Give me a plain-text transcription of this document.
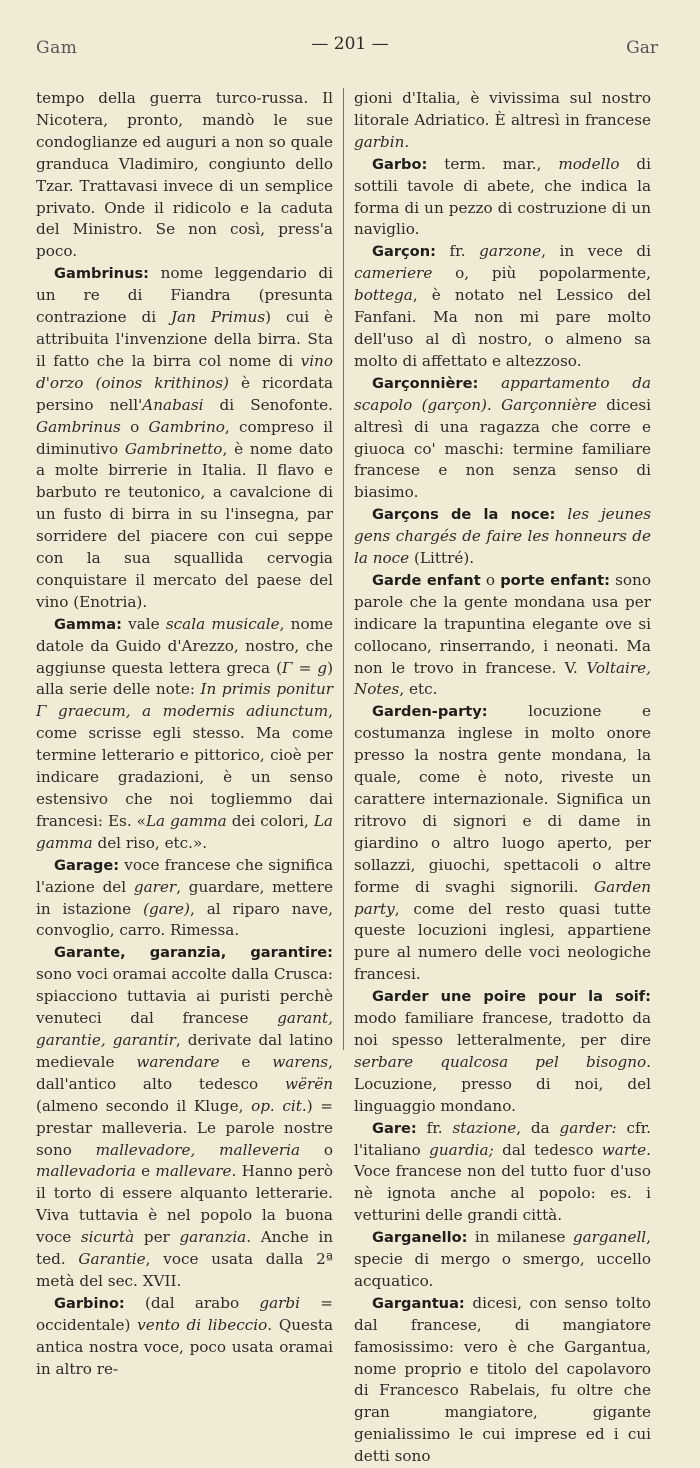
Gam	— 201 —	Gar

tempo della guerra turco-russa. Il Nicotera, pronto, mandò le sue condoglianze ed auguri a non so quale granduca Vladimiro, congiunto dello Tzar. Trattavasi invece di un semplice privato. Onde il ridicolo e la caduta del Ministro. Se non così, press'a poco.

Gambrinus: nome leggendario di un re di Fiandra (presunta contrazione di Jan Primus) cui è attribuita l'invenzione della birra. Sta il fatto che la birra col nome di vino d'orzo (oinos krithinos) è ricordata persino nell'Anabasi di Senofonte. Gambrinus o Gambrino, compreso il diminutivo Gambrinetto, è nome dato a molte birrerie in Italia. Il flavo e barbuto re teutonico, a cavalcione di un fusto di birra in su l'insegna, par sorridere del piacere con cui seppe con la sua squallida cervogia conquistare il mercato del paese del vino (Enotria).

Gamma: vale scala musicale, nome datole da Guido d'Arezzo, nostro, che aggiunse questa lettera greca (Γ = g) alla serie delle note: In primis ponitur Γ graecum, a modernis adiunctum, come scrisse egli stesso. Ma come termine letterario e pittorico, cioè per indicare gradazioni, è un senso estensivo che noi togliemmo dai francesi: Es. «La gamma dei colori, La gamma del riso, etc.».

Garage: voce francese che significa l'azione del garer, guardare, mettere in istazione (gare), al riparo nave, convoglio, carro. Rimessa.

Garante, garanzia, garantire: sono voci oramai accolte dalla Crusca: spiacciono tuttavia ai puristi perchè venuteci dal francese garant, garantie, garantir, derivate dal latino medievale warendare e warens, dall'antico alto tedesco wërën (almeno secondo il Kluge, op. cit.) = prestar malleveria. Le parole nostre sono mallevadore, malleveria o mallevadoria e mallevare. Hanno però il torto di essere alquanto letterarie. Viva tuttavia è nel popolo la buona voce sicurtà per garanzia. Anche in ted. Garantie, voce usata dalla 2ª metà del sec. XVII.

Garbino: (dal arabo garbi = occidentale) vento di libeccio. Questa antica nostra voce, poco usata oramai in altro re-

gioni d'Italia, è vivissima sul nostro litorale Adriatico. È altresì in francese garbin.

Garbo: term. mar., modello di sottili tavole di abete, che indica la forma di un pezzo di costruzione di un naviglio.

Garçon: fr. garzone, in vece di cameriere o, più popolarmente, bottega, è notato nel Lessico del Fanfani. Ma non mi pare molto dell'uso al dì nostro, o almeno sa molto di affettato e altezzoso.

Garçonnière: appartamento da scapolo (garçon). Garçonnière dicesi altresì di una ragazza che corre e giuoca co' maschi: termine familiare francese e non senza senso di biasimo.

Garçons de la noce: les jeunes gens chargés de faire les honneurs de la noce (Littré).

Garde enfant o porte enfant: sono parole che la gente mondana usa per indicare la trapuntina elegante ove si collocano, rinserrando, i neonati. Ma non le trovo in francese. V. Voltaire, Notes, etc.

Garden-party: locuzione e costumanza inglese in molto onore presso la nostra gente mondana, la quale, come è noto, riveste un carattere internazionale. Significa un ritrovo di signori e di dame in giardino o altro luogo aperto, per sollazzi, giuochi, spettacoli o altre forme di svaghi signorili. Garden party, come del resto quasi tutte queste locuzioni inglesi, appartiene pure al numero delle voci neologiche francesi.

Garder une poire pour la soif: modo familiare francese, tradotto da noi spesso letteralmente, per dire serbare qualcosa pel bisogno. Locuzione, presso di noi, del linguaggio mondano.

Gare: fr. stazione, da garder: cfr. l'italiano guardia; dal tedesco warte. Voce francese non del tutto fuor d'uso nè ignota anche al popolo: es. i vetturini delle grandi città.

Garganello: in milanese garganell, specie di mergo o smergo, uccello acquatico.

Gargantua: dicesi, con senso tolto dal francese, di mangiatore famosissimo: vero è che Gargantua, nome proprio e titolo del capolavoro di Francesco Rabelais, fu oltre che gran mangiatore, gigante genialissimo le cui imprese ed i cui detti sono
